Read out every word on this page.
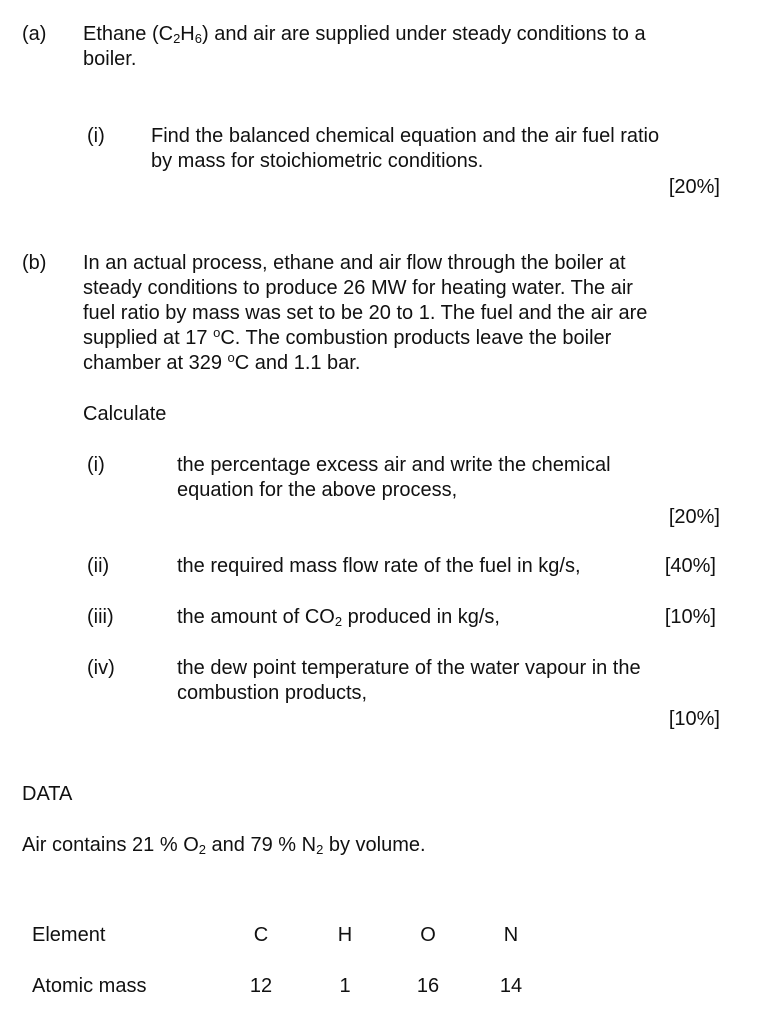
(a) Ethane $(C_2H_6)$ and air are supplied under steady conditions to a
boiler.
(i) Find the balanced chemical equation and the air fuel ratio
by mass for stoichiometric conditions.
[20%]
(b) In an actual process, ethane and air flow through the boiler at
steady conditions to produce 26 MW for heating water. The air
fuel ratio by mass was set to be 20 to 1. The fuel and the air are
supplied at 17 $^o$C. The combustion products leave the boiler
chamber at 329 $^o$C and 1.1 bar.
Calculate
(i)	the percentage excess air and write the chemical
equation for the above process,
[20%]
(ii)	the required mass flow rate of the fuel in kg/s,	[40%]
(iii)	the amount of $CO_2$ produced in kg/s,	[10%]
(iv)	the dew point temperature of the water vapour in the
combustion products,
[10%]
DATA
Air contains 21 % $O_2$ and 79 % $N_2$ by volume.
Element	C	H	O	N
Atomic mass	12	1	16	14
